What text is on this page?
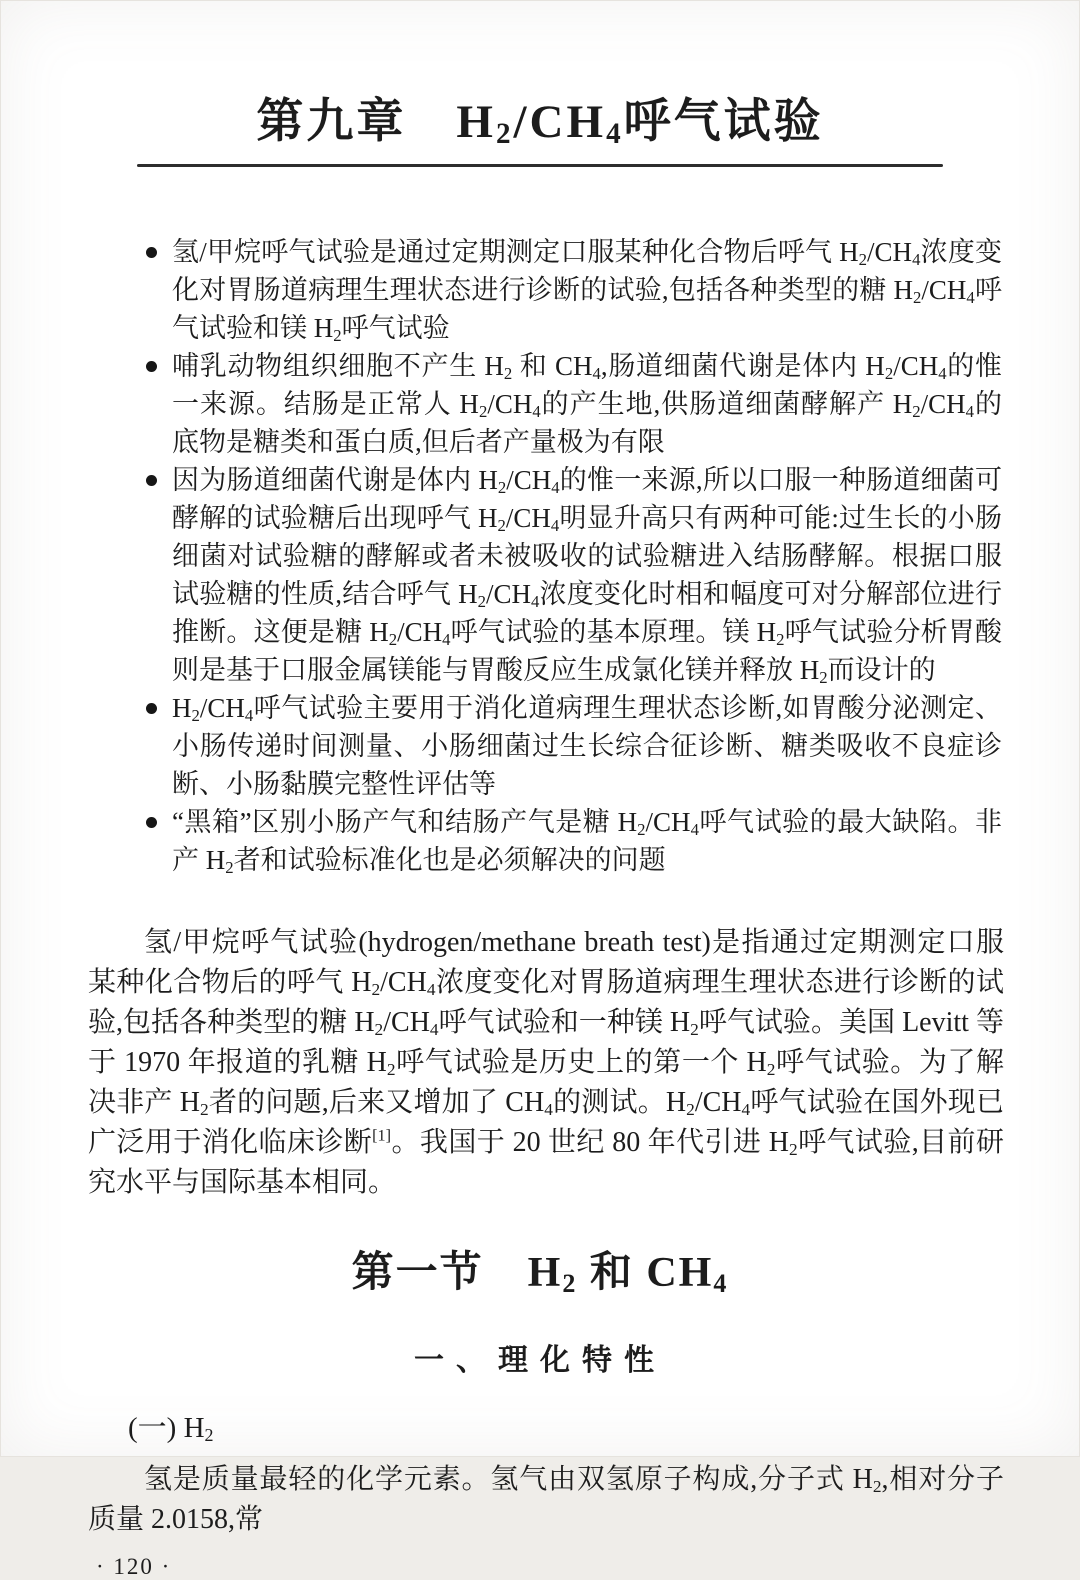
第九章　$H_2/CH_4$呼气试验
氢/甲烷呼气试验是通过定期测定口服某种化合物后呼气 $H_2/CH_4$浓度变化对胃肠道病理生理状态进行诊断的试验,包括各种类型的糖 $H_2/CH_4$呼气试验和镁 $H_2$呼气试验
哺乳动物组织细胞不产生 $H_2$ 和 $CH_4$,肠道细菌代谢是体内 $H_2/CH_4$的惟一来源。结肠是正常人 $H_2/CH_4$的产生地,供肠道细菌酵解产 $H_2/CH_4$的底物是糖类和蛋白质,但后者产量极为有限
因为肠道细菌代谢是体内 $H_2/CH_4$的惟一来源,所以口服一种肠道细菌可酵解的试验糖后出现呼气 $H_2/CH_4$明显升高只有两种可能:过生长的小肠细菌对试验糖的酵解或者未被吸收的试验糖进入结肠酵解。根据口服试验糖的性质,结合呼气 $H_2/CH_4$浓度变化时相和幅度可对分解部位进行推断。这便是糖 $H_2/CH_4$呼气试验的基本原理。镁 $H_2$呼气试验分析胃酸则是基于口服金属镁能与胃酸反应生成氯化镁并释放 $H_2$而设计的
$H_2/CH_4$呼气试验主要用于消化道病理生理状态诊断,如胃酸分泌测定、小肠传递时间测量、小肠细菌过生长综合征诊断、糖类吸收不良症诊断、小肠黏膜完整性评估等
“黑箱”区别小肠产气和结肠产气是糖 $H_2/CH_4$呼气试验的最大缺陷。非产 $H_2$者和试验标准化也是必须解决的问题

氢/甲烷呼气试验(hydrogen/methane breath test)是指通过定期测定口服某种化合物后的呼气 $H_2/CH_4$浓度变化对胃肠道病理生理状态进行诊断的试验,包括各种类型的糖 $H_2/CH_4$呼气试验和一种镁 $H_2$呼气试验。美国 Levitt 等于 1970 年报道的乳糖 $H_2$呼气试验是历史上的第一个 $H_2$呼气试验。为了解决非产 $H_2$者的问题,后来又增加了 $CH_4$的测试。$H_2/CH_4$呼气试验在国外现已广泛用于消化临床诊断[1]。我国于 20 世纪 80 年代引进 $H_2$呼气试验,目前研究水平与国际基本相同。

第一节　$H_2$ 和 $CH_4$
一、理化特性
(一) $H_2$

氢是质量最轻的化学元素。氢气由双氢原子构成,分子式 $H_2$,相对分子质量 2.0158,常

· 120 ·
